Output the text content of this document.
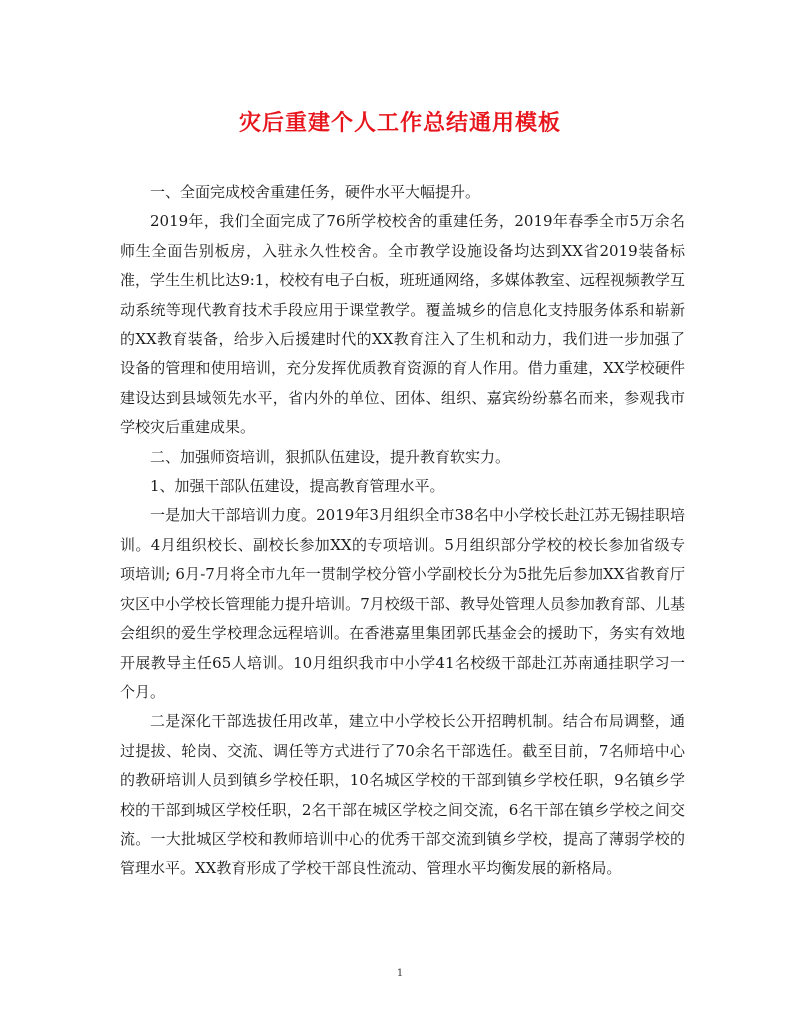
灾后重建个人工作总结通用模板

一、全面完成校舍重建任务，硬件水平大幅提升。

2019年，我们全面完成了76所学校校舍的重建任务，2019年春季全市5万余名师生全面告别板房，入驻永久性校舍。全市教学设施设备均达到XX省2019装备标准，学生生机比达9:1，校校有电子白板，班班通网络，多媒体教室、远程视频教学互动系统等现代教育技术手段应用于课堂教学。覆盖城乡的信息化支持服务体系和崭新的XX教育装备，给步入后援建时代的XX教育注入了生机和动力，我们进一步加强了设备的管理和使用培训，充分发挥优质教育资源的育人作用。借力重建，XX学校硬件建设达到县域领先水平，省内外的单位、团体、组织、嘉宾纷纷慕名而来，参观我市学校灾后重建成果。

二、加强师资培训，狠抓队伍建设，提升教育软实力。

1、加强干部队伍建设，提高教育管理水平。

一是加大干部培训力度。2019年3月组织全市38名中小学校长赴江苏无锡挂职培训。4月组织校长、副校长参加XX的专项培训。5月组织部分学校的校长参加省级专项培训; 6月-7月将全市九年一贯制学校分管小学副校长分为5批先后参加XX省教育厅灾区中小学校长管理能力提升培训。7月校级干部、教导处管理人员参加教育部、儿基会组织的爱生学校理念远程培训。在香港嘉里集团郭氏基金会的援助下，务实有效地开展教导主任65人培训。10月组织我市中小学41名校级干部赴江苏南通挂职学习一个月。

二是深化干部选拔任用改革，建立中小学校长公开招聘机制。结合布局调整，通过提拔、轮岗、交流、调任等方式进行了70余名干部选任。截至目前，7名师培中心的教研培训人员到镇乡学校任职，10名城区学校的干部到镇乡学校任职，9名镇乡学校的干部到城区学校任职，2名干部在城区学校之间交流，6名干部在镇乡学校之间交流。一大批城区学校和教师培训中心的优秀干部交流到镇乡学校，提高了薄弱学校的管理水平。XX教育形成了学校干部良性流动、管理水平均衡发展的新格局。

1
